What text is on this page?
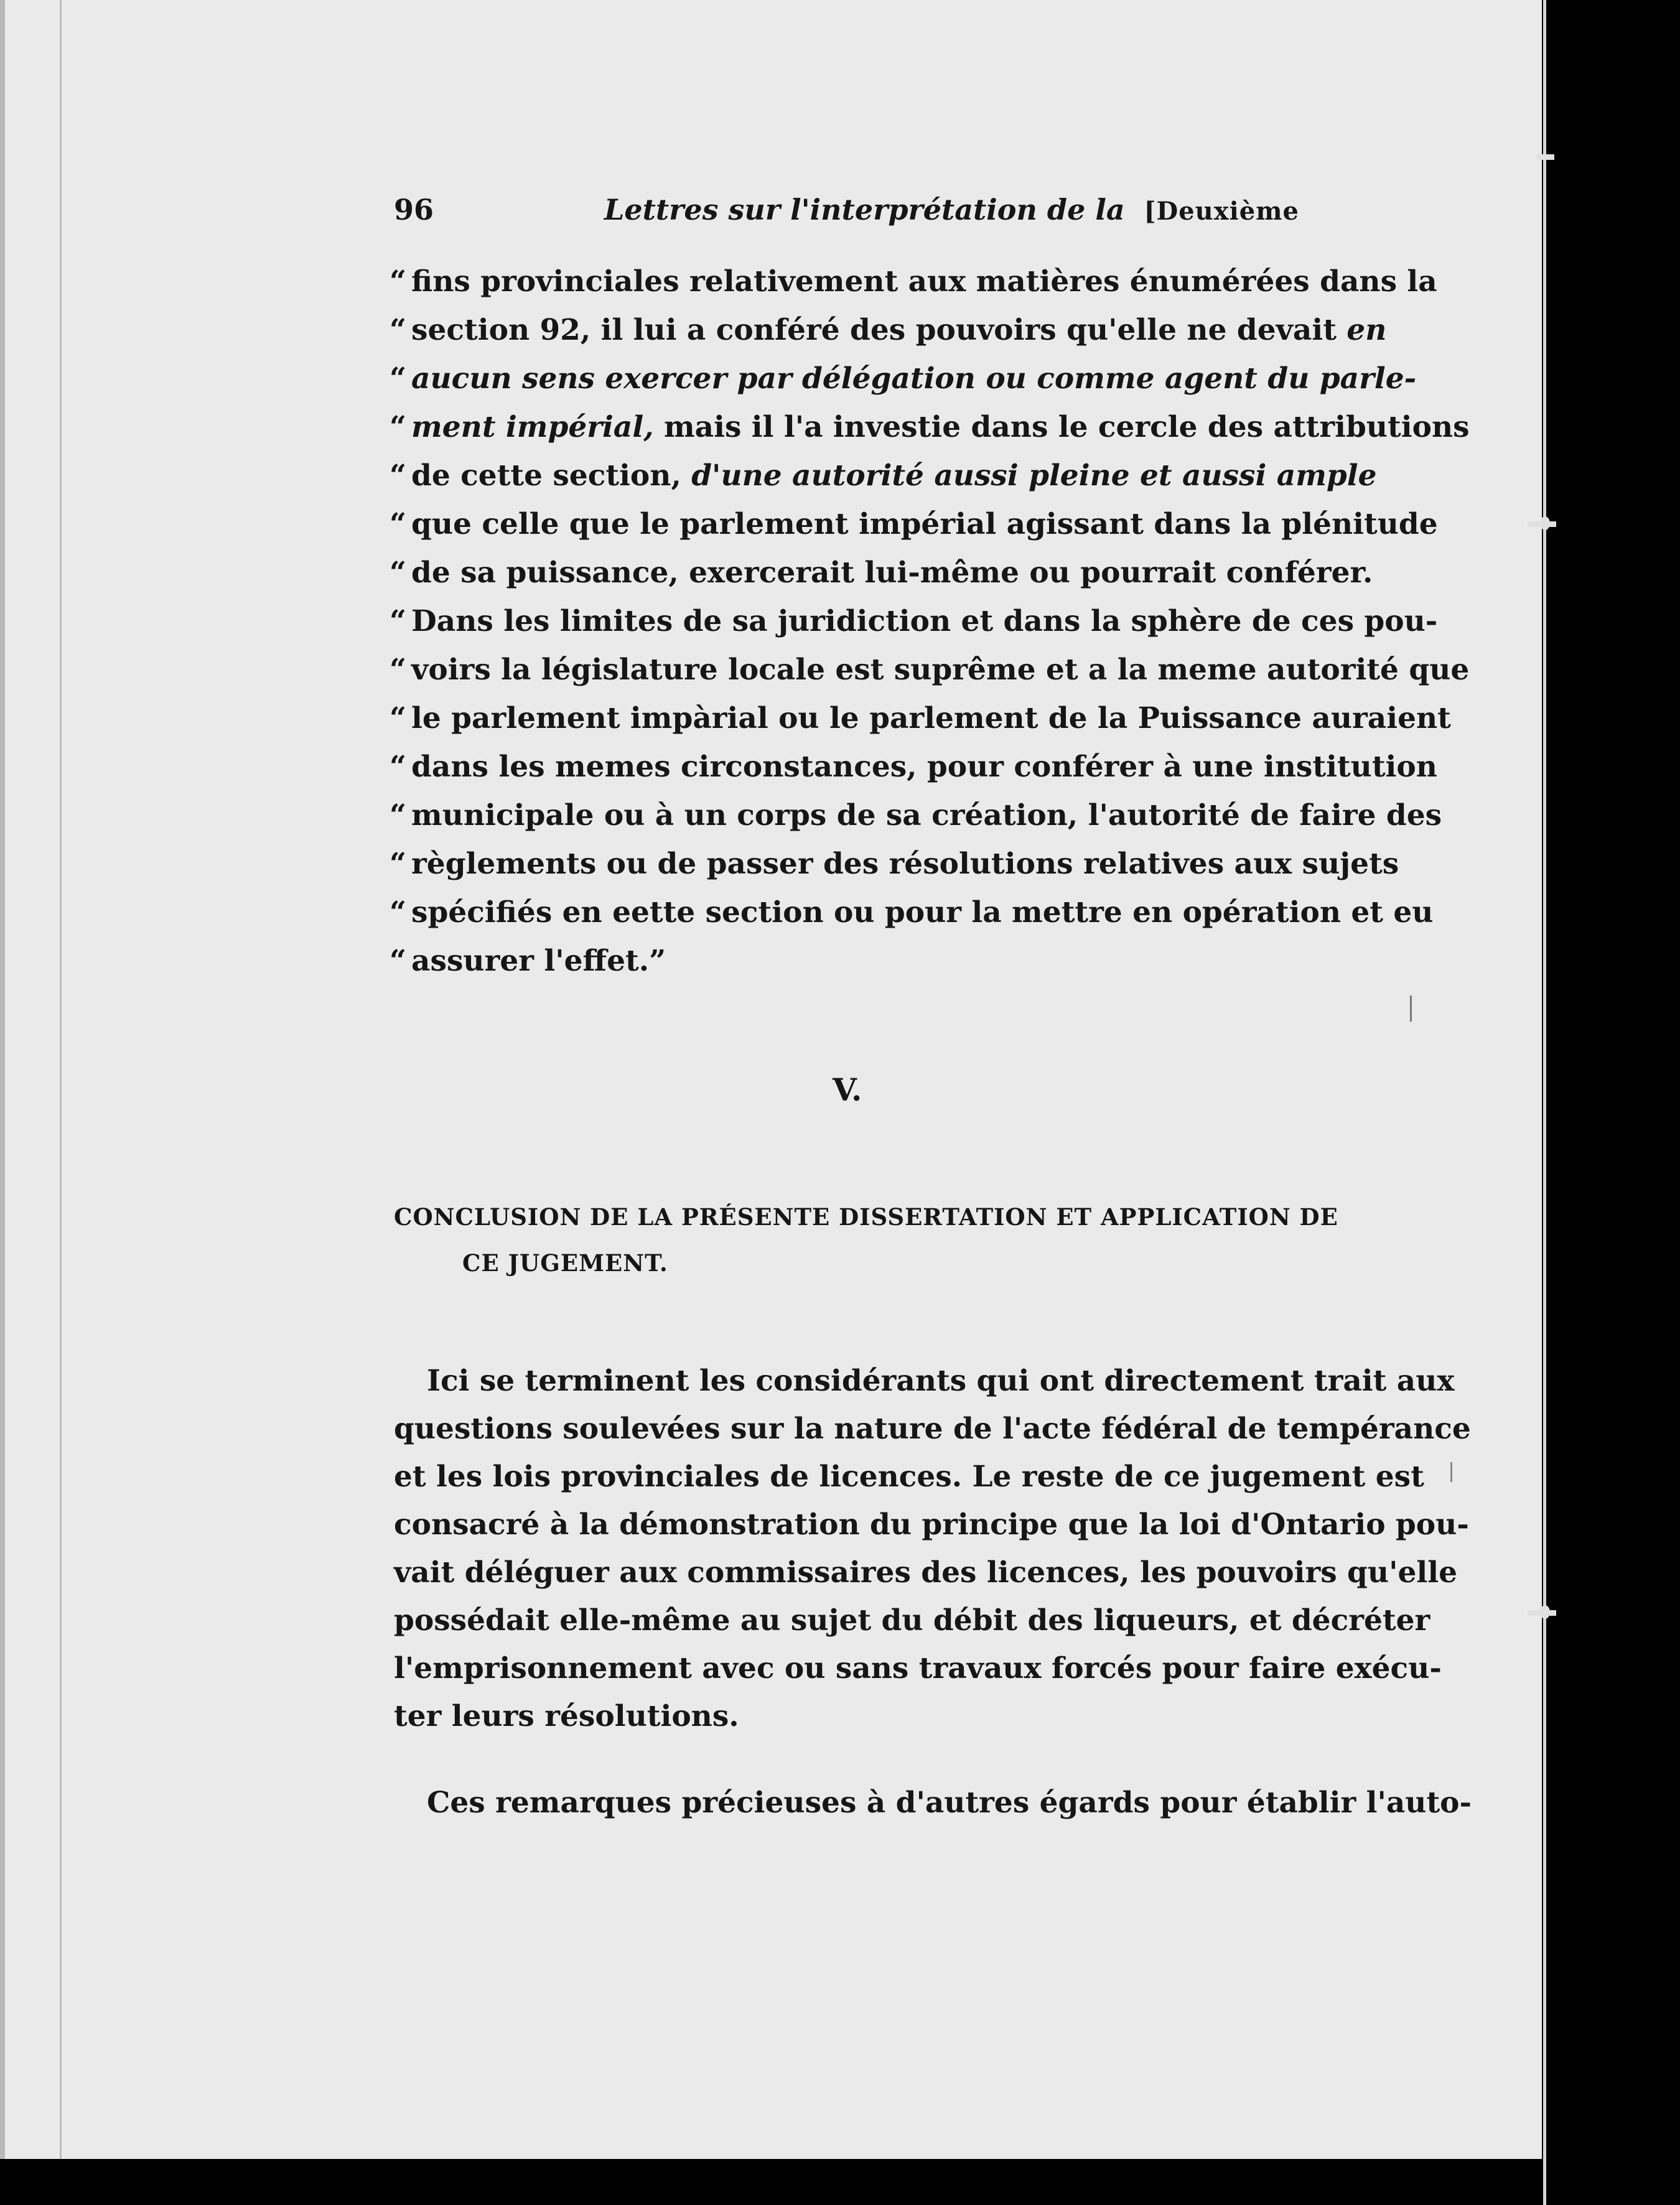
96	Lettres sur l'interprétation de la [Deuxième
“ fins provinciales relativement aux matières énumérées dans la
“ section 92, il lui a conféré des pouvoirs qu'elle ne devait en
“ aucun sens exercer par délégation ou comme agent du parle-
“ ment impérial, mais il l'a investie dans le cercle des attributions
“ de cette section, d'une autorité aussi pleine et aussi ample
“ que celle que le parlement impérial agissant dans la plénitude
“ de sa puissance, exercerait lui-même ou pourrait conférer.
“ Dans les limites de sa juridiction et dans la sphère de ces pou-
“ voirs la législature locale est suprême et a la meme autorité que
“ le parlement impàrial ou le parlement de la Puissance auraient
“ dans les memes circonstances, pour conférer à une institution
“ municipale ou à un corps de sa création, l'autorité de faire des
“ règlements ou de passer des résolutions relatives aux sujets
“ spécifiés en eette section ou pour la mettre en opération et eu
“ assurer l'effet.”
V.
CONCLUSION DE LA PRÉSENTE DISSERTATION ET APPLICATION DE
CE JUGEMENT.
Ici se terminent les considérants qui ont directement trait aux
questions soulevées sur la nature de l'acte fédéral de tempérance
et les lois provinciales de licences. Le reste de ce jugement est
consacré à la démonstration du principe que la loi d'Ontario pou-
vait déléguer aux commissaires des licences, les pouvoirs qu'elle
possédait elle-même au sujet du débit des liqueurs, et décréter
l'emprisonnement avec ou sans travaux forcés pour faire exécu-
ter leurs résolutions.
Ces remarques précieuses à d'autres égards pour établir l'auto-
